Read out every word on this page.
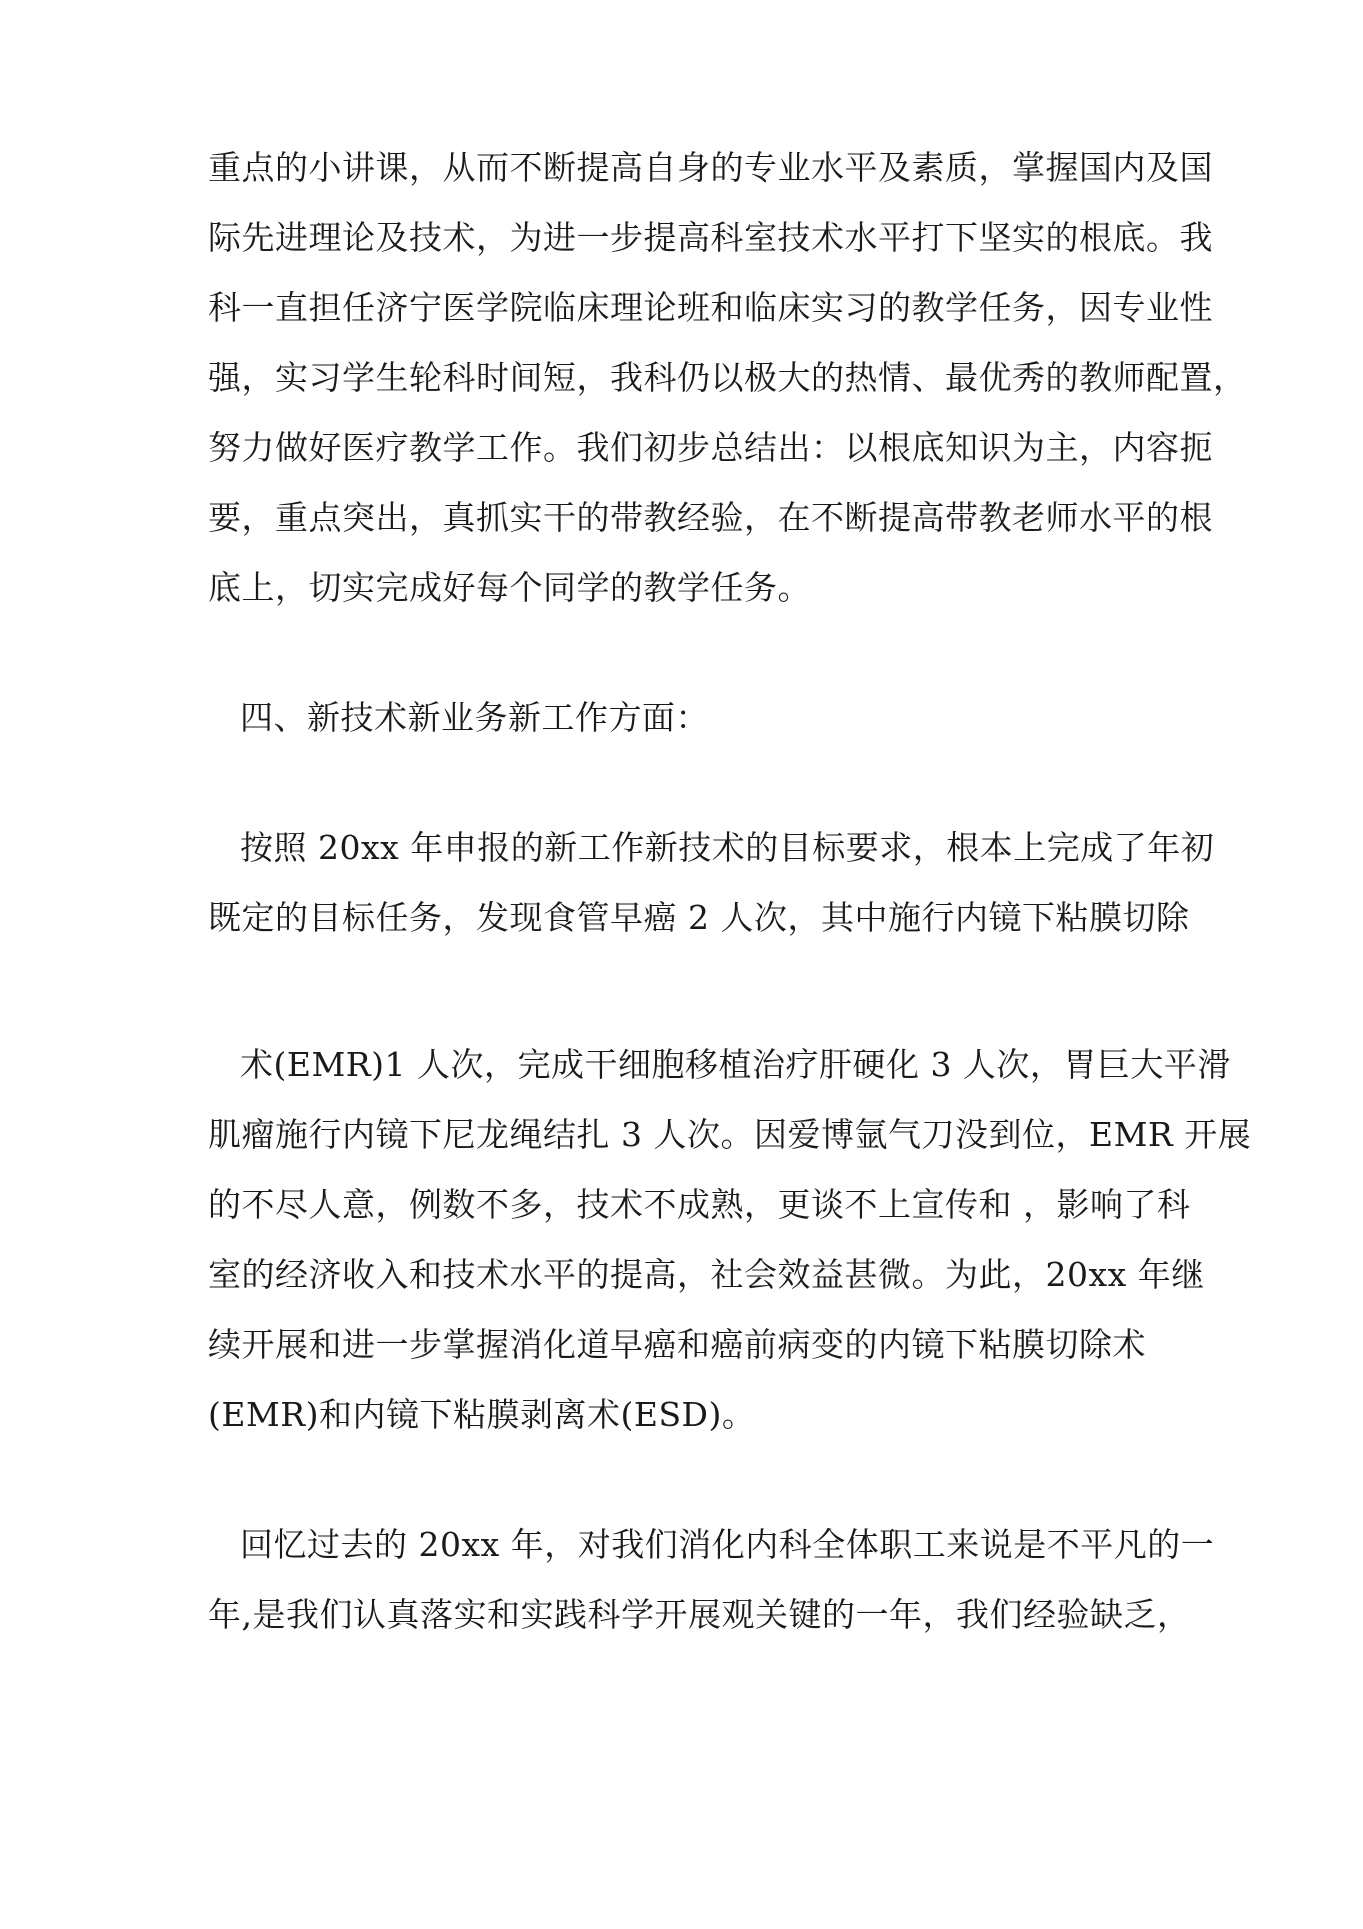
重点的小讲课，从而不断提高自身的专业水平及素质，掌握国内及国
际先进理论及技术，为进一步提高科室技术水平打下坚实的根底。我
科一直担任济宁医学院临床理论班和临床实习的教学任务，因专业性
强，实习学生轮科时间短，我科仍以极大的热情、最优秀的教师配置，
努力做好医疗教学工作。我们初步总结出：以根底知识为主，内容扼
要，重点突出，真抓实干的带教经验，在不断提高带教老师水平的根
底上，切实完成好每个同学的教学任务。
四、新技术新业务新工作方面：
按照 20xx 年申报的新工作新技术的目标要求，根本上完成了年初
既定的目标任务，发现食管早癌 2 人次，其中施行内镜下粘膜切除
术(EMR)1 人次，完成干细胞移植治疗肝硬化 3 人次，胃巨大平滑
肌瘤施行内镜下尼龙绳结扎 3 人次。因爱博氩气刀没到位，EMR 开展
的不尽人意，例数不多，技术不成熟，更谈不上宣传和 ，影响了科
室的经济收入和技术水平的提高，社会效益甚微。为此，20xx 年继
续开展和进一步掌握消化道早癌和癌前病变的内镜下粘膜切除术
(EMR)和内镜下粘膜剥离术(ESD)。
回忆过去的 20xx 年，对我们消化内科全体职工来说是不平凡的一
年,是我们认真落实和实践科学开展观关键的一年，我们经验缺乏，
